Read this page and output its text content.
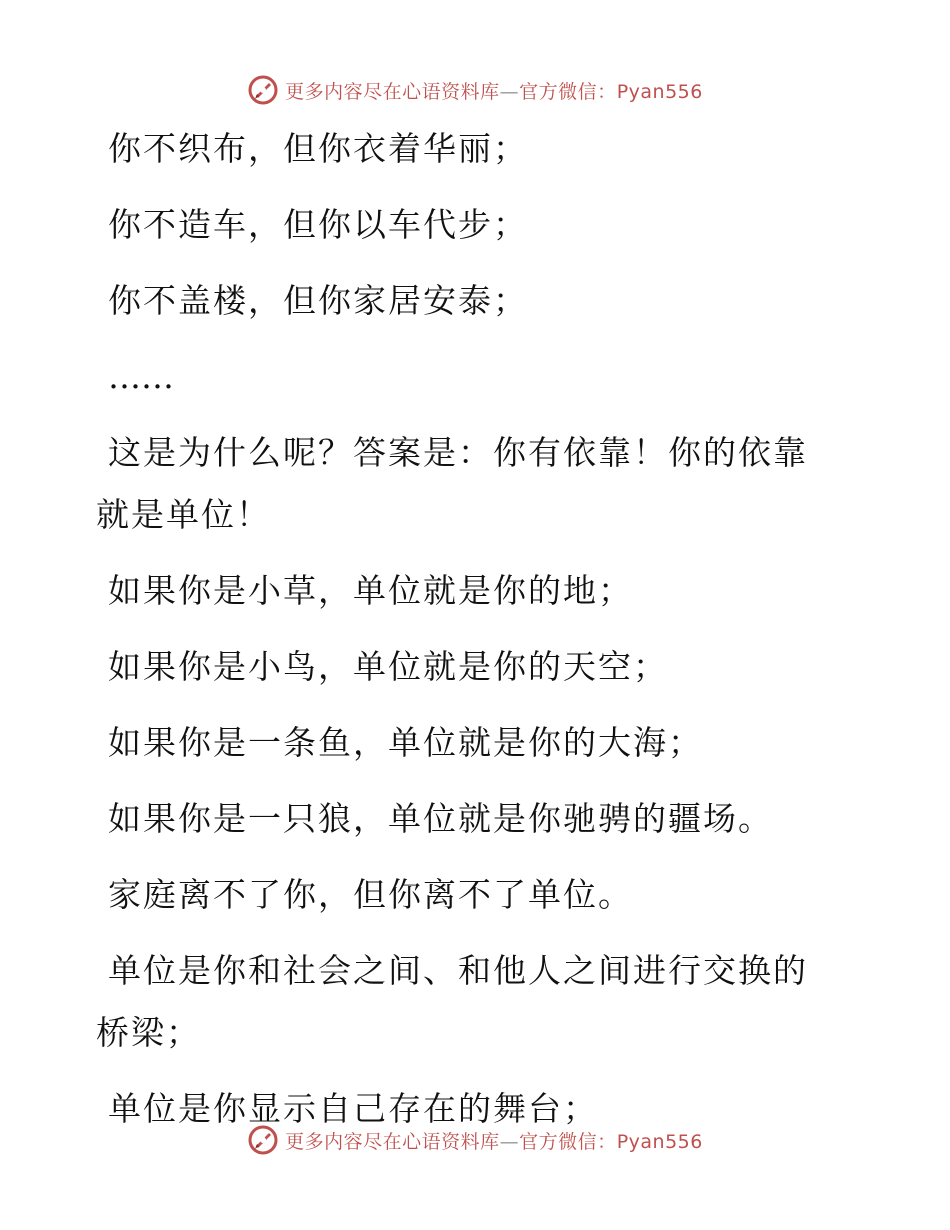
更多内容尽在心语资料库—官方微信：Pyan556

你不织布，但你衣着华丽；

你不造车，但你以车代步；

你不盖楼，但你家居安泰；

……

这是为什么呢？答案是：你有依靠！你的依靠就是单位！

如果你是小草，单位就是你的地；

如果你是小鸟，单位就是你的天空；

如果你是一条鱼，单位就是你的大海；

如果你是一只狼，单位就是你驰骋的疆场。

家庭离不了你，但你离不了单位。

单位是你和社会之间、和他人之间进行交换的桥梁；

单位是你显示自己存在的舞台；

更多内容尽在心语资料库—官方微信：Pyan556
